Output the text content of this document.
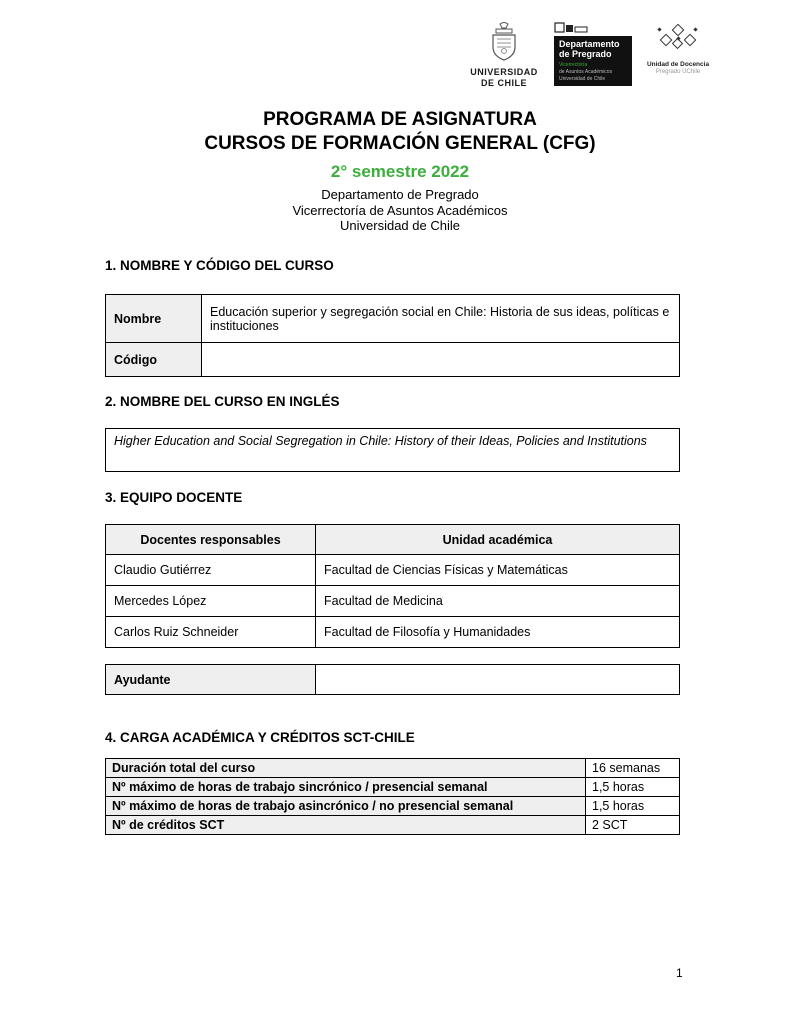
UNIVERSIDAD
DE CHILE
Departamento
de Pregrado
Vicerrectoría
de Asuntos Académicos
Universidad de Chile
Unidad de Docencia
Pregrado UChile
PROGRAMA DE ASIGNATURA
CURSOS DE FORMACIÓN GENERAL (CFG)
2° semestre 2022
Departamento de Pregrado
Vicerrectoría de Asuntos Académicos
Universidad de Chile
1. NOMBRE Y CÓDIGO DEL CURSO
Nombre	Educación superior y segregación social en Chile: Historia de sus ideas, políticas e instituciones
Código	
2. NOMBRE DEL CURSO EN INGLÉS
Higher Education and Social Segregation in Chile: History of their Ideas, Policies and Institutions
3. EQUIPO DOCENTE
Docentes responsables	Unidad académica
Claudio Gutiérrez	Facultad de Ciencias Físicas y Matemáticas
Mercedes López	Facultad de Medicina
Carlos Ruiz Schneider	Facultad de Filosofía y Humanidades
Ayudante	
4. CARGA ACADÉMICA Y CRÉDITOS SCT-CHILE
Duración total del curso	16 semanas
Nº máximo de horas de trabajo sincrónico / presencial semanal	1,5 horas
Nº máximo de horas de trabajo asincrónico / no presencial semanal	1,5 horas
Nº de créditos SCT	2 SCT
1
